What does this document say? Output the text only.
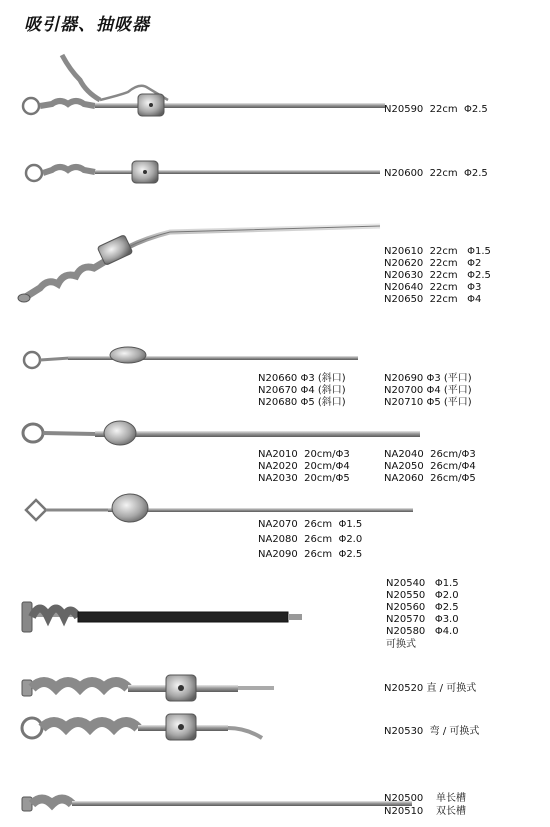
吸引器、抽吸器
N20590  22cm  Φ2.5
N20600  22cm  Φ2.5
N20610  22cm   Φ1.5
N20620  22cm   Φ2
N20630  22cm   Φ2.5
N20640  22cm   Φ3
N20650  22cm   Φ4
N20660 Φ3 (斜口)
N20670 Φ4 (斜口)
N20680 Φ5 (斜口)
N20690 Φ3 (平口)
N20700 Φ4 (平口)
N20710 Φ5 (平口)
NA2010  20cm/Φ3
NA2020  20cm/Φ4
NA2030  20cm/Φ5
NA2040  26cm/Φ3
NA2050  26cm/Φ4
NA2060  26cm/Φ5
NA2070  26cm  Φ1.5
NA2080  26cm  Φ2.0
NA2090  26cm  Φ2.5
N20540   Φ1.5
N20550   Φ2.0
N20560   Φ2.5
N20570   Φ3.0
N20580   Φ4.0
可换式
N20520 直 / 可换式
N20530  弯 / 可换式
N20500    单长槽
N20510    双长槽
